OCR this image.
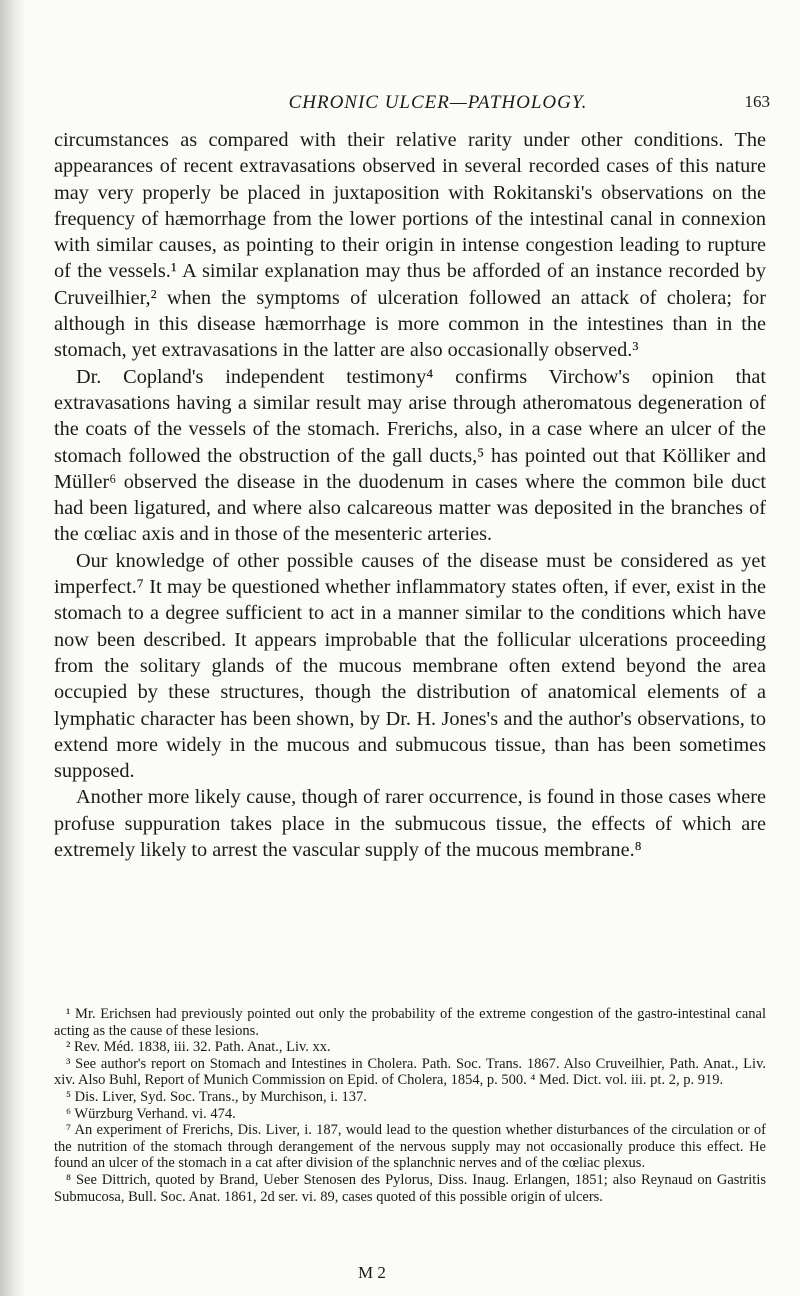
CHRONIC ULCER—PATHOLOGY.	163

circumstances as compared with their relative rarity under other conditions. The appearances of recent extravasations observed in several recorded cases of this nature may very properly be placed in juxtaposition with Rokitanski's observations on the frequency of hæmorrhage from the lower portions of the intestinal canal in connexion with similar causes, as pointing to their origin in intense congestion leading to rupture of the vessels.¹ A similar explanation may thus be afforded of an instance recorded by Cruveilhier,² when the symptoms of ulceration followed an attack of cholera; for although in this disease hæmorrhage is more common in the intestines than in the stomach, yet extravasations in the latter are also occasionally observed.³

Dr. Copland's independent testimony⁴ confirms Virchow's opinion that extravasations having a similar result may arise through atheromatous degeneration of the coats of the vessels of the stomach. Frerichs, also, in a case where an ulcer of the stomach followed the obstruction of the gall ducts,⁵ has pointed out that Kölliker and Müller⁶ observed the disease in the duodenum in cases where the common bile duct had been ligatured, and where also calcareous matter was deposited in the branches of the cœliac axis and in those of the mesenteric arteries.

Our knowledge of other possible causes of the disease must be considered as yet imperfect.⁷ It may be questioned whether inflammatory states often, if ever, exist in the stomach to a degree sufficient to act in a manner similar to the conditions which have now been described. It appears improbable that the follicular ulcerations proceeding from the solitary glands of the mucous membrane often extend beyond the area occupied by these structures, though the distribution of anatomical elements of a lymphatic character has been shown, by Dr. H. Jones's and the author's observations, to extend more widely in the mucous and submucous tissue, than has been sometimes supposed.

Another more likely cause, though of rarer occurrence, is found in those cases where profuse suppuration takes place in the submucous tissue, the effects of which are extremely likely to arrest the vascular supply of the mucous membrane.⁸

¹ Mr. Erichsen had previously pointed out only the probability of the extreme congestion of the gastro-intestinal canal acting as the cause of these lesions.

² Rev. Méd. 1838, iii. 32. Path. Anat., Liv. xx.

³ See author's report on Stomach and Intestines in Cholera. Path. Soc. Trans. 1867. Also Cruveilhier, Path. Anat., Liv. xiv. Also Buhl, Report of Munich Commission on Epid. of Cholera, 1854, p. 500. ⁴ Med. Dict. vol. iii. pt. 2, p. 919.

⁵ Dis. Liver, Syd. Soc. Trans., by Murchison, i. 137.

⁶ Würzburg Verhand. vi. 474.

⁷ An experiment of Frerichs, Dis. Liver, i. 187, would lead to the question whether disturbances of the circulation or of the nutrition of the stomach through derangement of the nervous supply may not occasionally produce this effect. He found an ulcer of the stomach in a cat after division of the splanchnic nerves and of the cœliac plexus.

⁸ See Dittrich, quoted by Brand, Ueber Stenosen des Pylorus, Diss. Inaug. Erlangen, 1851; also Reynaud on Gastritis Submucosa, Bull. Soc. Anat. 1861, 2d ser. vi. 89, cases quoted of this possible origin of ulcers.

M 2
